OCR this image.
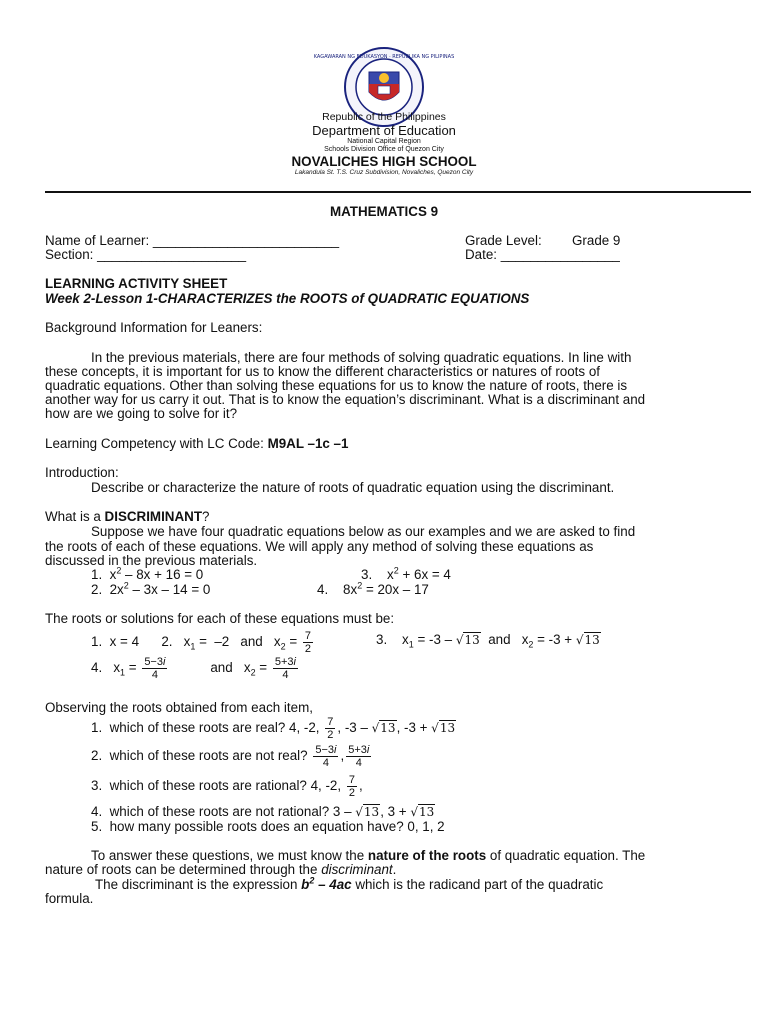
KAGAWARAN NG EDUKASYON · REPUBLIKA NG PILIPINAS
Republic of the Philippines
Department of Education
National Capital Region
Schools Division Office of Quezon City
NOVALICHES HIGH SCHOOL
Lakandula St. T.S. Cruz Subdivision, Novaliches, Quezon City
MATHEMATICS 9
Name of Learner: _________________________
Section: ____________________
Grade Level: Grade 9
Date: ________________
LEARNING ACTIVITY SHEET
Week 2-Lesson 1-CHARACTERIZES the ROOTS of QUADRATIC EQUATIONS
Background Information for Leaners:
In the previous materials, there are four methods of solving quadratic equations. In line with
these concepts, it is important for us to know the different characteristics or natures of roots of
quadratic equations. Other than solving these equations for us to know the nature of roots, there is
another way for us carry it out. That is to know the equation’s discriminant. What is a discriminant and
how are we going to solve for it?
Learning Competency with LC Code: M9AL –1c –1
Introduction:
Describe or characterize the nature of roots of quadratic equation using the discriminant.
What is a DISCRIMINANT?
Suppose we have four quadratic equations below as our examples and we are asked to find
the roots of each of these equations. We will apply any method of solving these equations as
discussed in the previous materials.
1.  $x^2 - 8x + 16 = 0$	3.    $x^2 + 6x = 4$
2.  $2x^2 - 3x - 14 = 0$	4.    $8x^2 = 20x - 17$
The roots or solutions for each of these equations must be:
1.  x = 4      2.   $x_1 = -2$   and   $x_2 = \frac{7}{2}$	3.    $x_1 = -3 - √13$  and   $x_2 = -3 + √13$
4.   $x_1 = \frac{5-3i}{4}$ and   $x_2 = \frac{5+3i}{4}$
Observing the roots obtained from each item,
1.  which of these roots are real? 4, -2, $\frac{7}{2}$ , -3 – √13, -3 + √13
2.  which of these roots are not real? $\frac{5-3i}{4}$ , $\frac{5+3i}{4}$
3.  which of these roots are rational? 4, -2, $\frac{7}{2}$ ,
4.  which of these roots are not rational? 3 – √13, 3 + √13
5.  how many possible roots does an equation have? 0, 1, 2
To answer these questions, we must know the nature of the roots of quadratic equation. The
nature of roots can be determined through the discriminant.
The discriminant is the expression $b^2 - 4ac$ which is the radicand part of the quadratic
formula.
